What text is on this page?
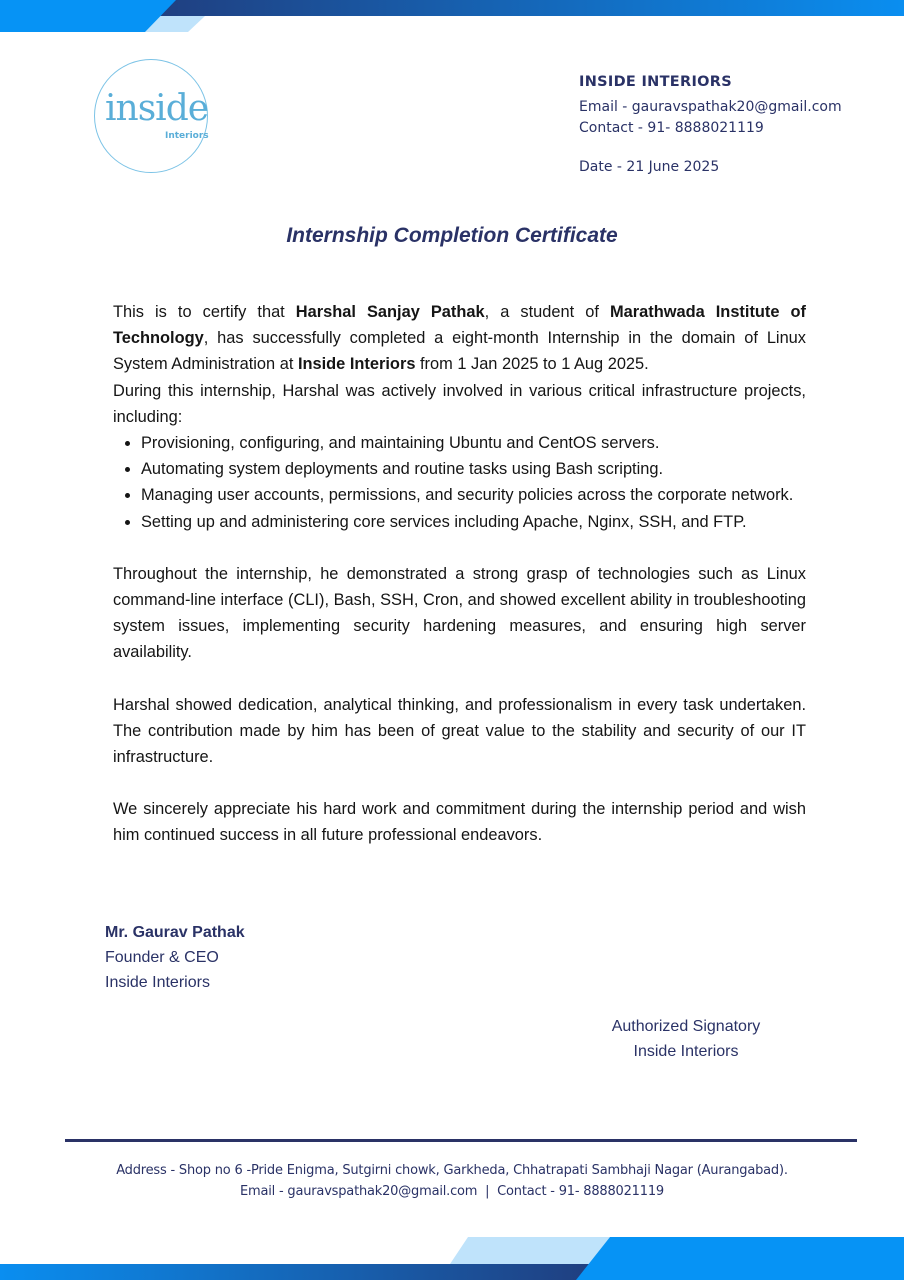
inside
Interiors
INSIDE INTERIORS
Email - gauravspathak20@gmail.com
Contact - 91- 8888021119
Date - 21 June 2025
Internship Completion Certificate

This is to certify that Harshal Sanjay Pathak, a student of Marathwada Institute of Technology, has successfully completed a eight-month Internship in the domain of Linux System Administration at Inside Interiors from 1 Jan 2025 to 1 Aug 2025.

During this internship, Harshal was actively involved in various critical infrastructure projects, including:

• Provisioning, configuring, and maintaining Ubuntu and CentOS servers.
• Automating system deployments and routine tasks using Bash scripting.
• Managing user accounts, permissions, and security policies across the corporate network.
• Setting up and administering core services including Apache, Nginx, SSH, and FTP.

Throughout the internship, he demonstrated a strong grasp of technologies such as Linux command-line interface (CLI), Bash, SSH, Cron, and showed excellent ability in troubleshooting system issues, implementing security hardening measures, and ensuring high server availability.

Harshal showed dedication, analytical thinking, and professionalism in every task undertaken. The contribution made by him has been of great value to the stability and security of our IT infrastructure.

We sincerely appreciate his hard work and commitment during the internship period and wish him continued success in all future professional endeavors.

Mr. Gaurav Pathak
Founder & CEO
Inside Interiors
Authorized Signatory
Inside Interiors
Address - Shop no 6 -Pride Enigma, Sutgirni chowk, Garkheda, Chhatrapati Sambhaji Nagar (Aurangabad).
Email - gauravspathak20@gmail.com  |  Contact - 91- 8888021119
